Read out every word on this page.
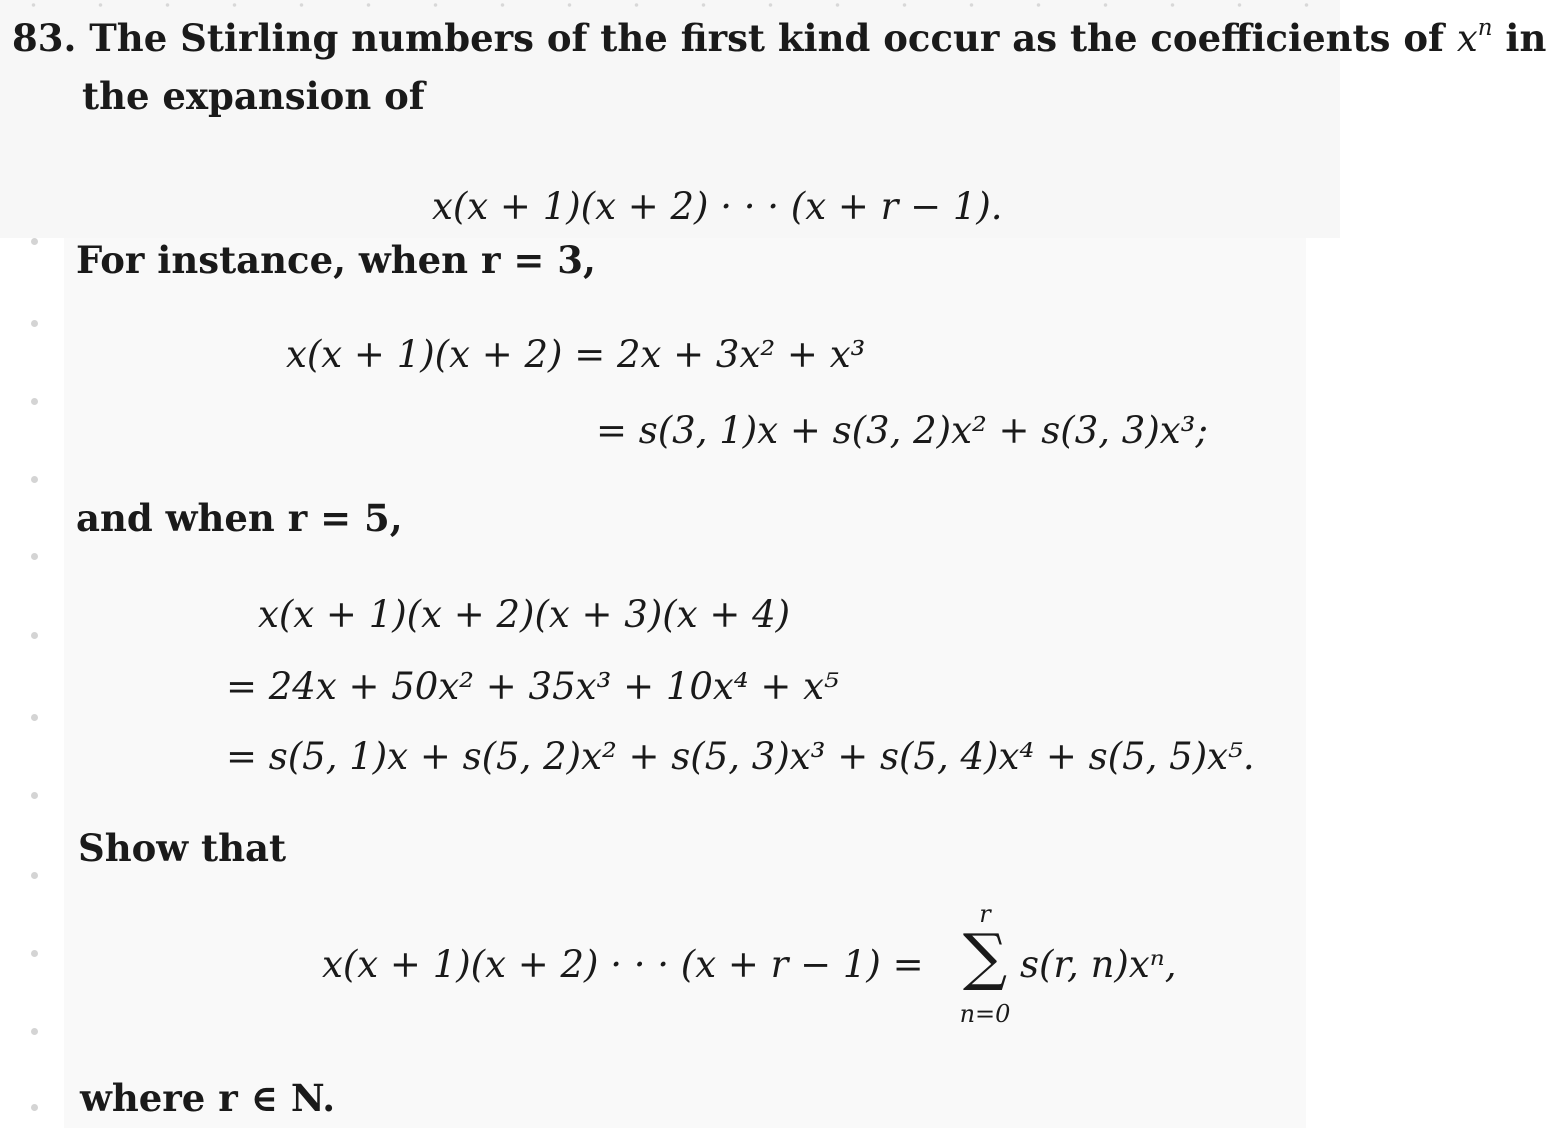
83. The Stirling numbers of the first kind occur as the coefficients of $x^n$ in
the expansion of
x(x + 1)(x + 2) · · · (x + r − 1).
For instance, when r = 3,
x(x + 1)(x + 2) = 2x + 3x² + x³
= s(3, 1)x + s(3, 2)x² + s(3, 3)x³;
and when r = 5,
x(x + 1)(x + 2)(x + 3)(x + 4)
= 24x + 50x² + 35x³ + 10x⁴ + x⁵
= s(5, 1)x + s(5, 2)x² + s(5, 3)x³ + s(5, 4)x⁴ + s(5, 5)x⁵.
Show that
x(x + 1)(x + 2) · · · (x + r − 1) =
r
∑
n=0
s(r, n)xⁿ,
where r ∈ N.
